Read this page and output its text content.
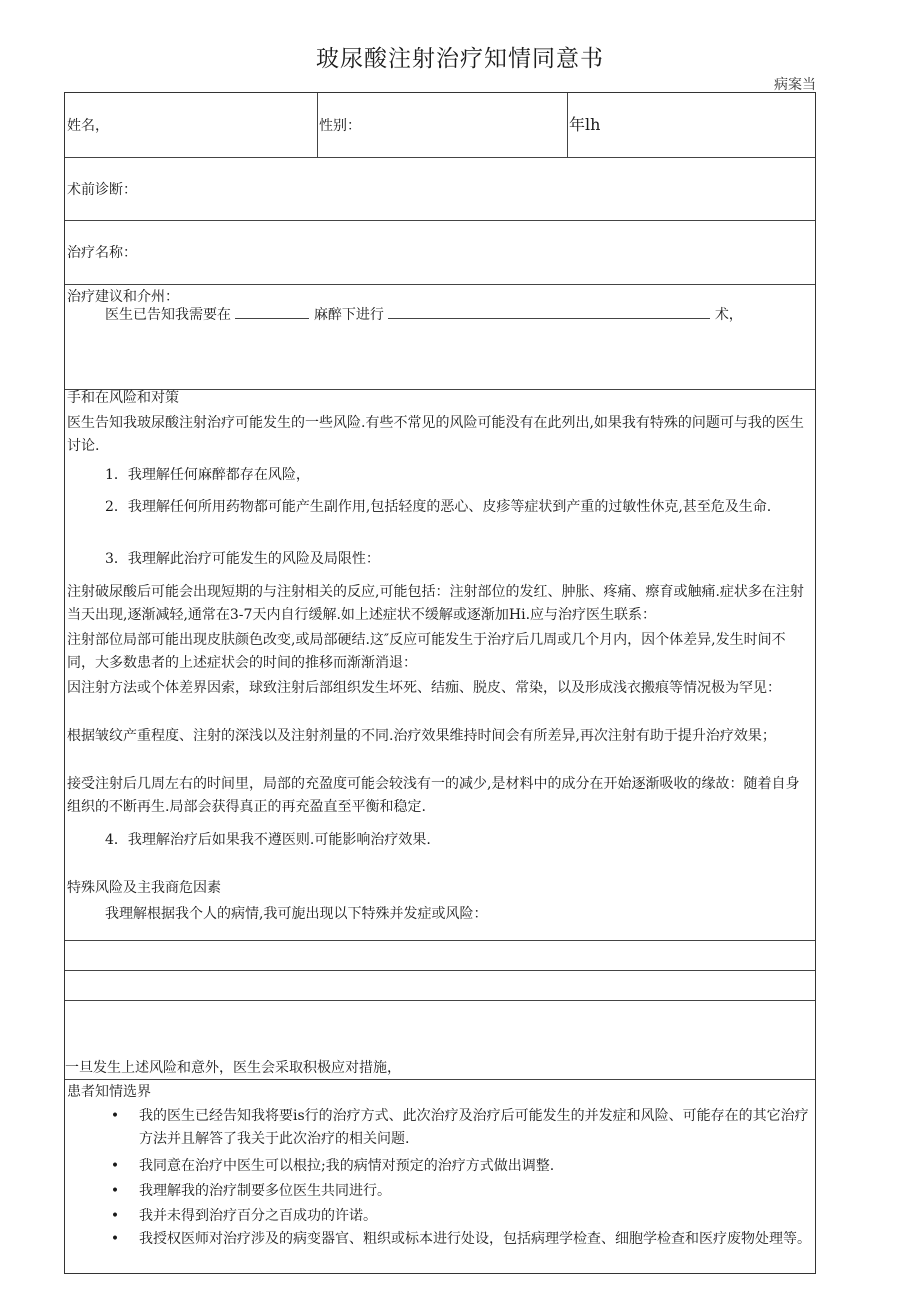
玻尿酸注射治疗知情同意书
病案当
姓名，	性别：	年lh
术前诊断：
治疗名称：
治疗建议和介州：
医生已告知我需要在	麻醉下进行	术，
手和在风险和对策
医生告知我玻尿酸注射治疗可能发生的一些风险.有些不常见的风险可能没有在此列出,如果我有特殊的问题可与我的医生讨论.
1．我理解任何麻醉都存在风险，
2．我理解任何所用药物都可能产生副作用,包括轻度的恶心、皮疹等症状到产重的过敏性休克,甚至危及生命.
3．我理解此治疗可能发生的风险及局限性：
注射破尿酸后可能会出现短期的与注射相关的反应,可能包括：注射部位的发红、肿胀、疼痛、瘵育或触痛.症状多在注射当天出现,逐渐减轻,通常在3-7天内自行缓解.如上述症状不缓解或逐渐加Hi.应与治疗医生联系：
注射部位局部可能出现皮肤颜色改变,或局部硬结.这″反应可能发生于治疗后几周或几个月内，因个体差异,发生时间不同，大多数患者的上述症状会的时间的推移而渐渐消退：
因注射方法或个体差界因索，球致注射后部组织发生坏死、结痂、脱皮、常染，以及形成浅衣搬痕等情况极为罕见：
根据皱纹产重程度、注射的深浅以及注射剂量的不同.治疗效果维持时间会有所差异,再次注射有助于提升治疗效果；
接受注射后几周左右的时间里，局部的充盈度可能会较浅有一的减少,是材料中的成分在开始逐渐吸收的缘故：随着自身组织的不断再生.局部会获得真正的再充盈直至平衡和稳定.
4．我理解治疗后如果我不遵医则.可能影响治疗效果.
特殊风险及主我商危因素
我理解根据我个人的病情,我可旎出现以下特殊并发症或风险：
一旦发生上述风险和意外，医生会采取积极应对措施，
患者知情选界
•	我的医生已经告知我将要is行的治疗方式、此次治疗及治疗后可能发生的并发症和风险、可能存在的其它治疗方法并且解答了我关于此次治疗的相关问题.
•	我同意在治疗中医生可以根拉;我的病情对预定的治疗方式做出调整.
•	我理解我的治疗制要多位医生共同进行。
•	我并未得到治疗百分之百成功的许诺。
•	我授权医师对治疗涉及的病变器官、粗织或标本进行处设，包括病理学检查、细胞学检查和医疗废物处理等。
